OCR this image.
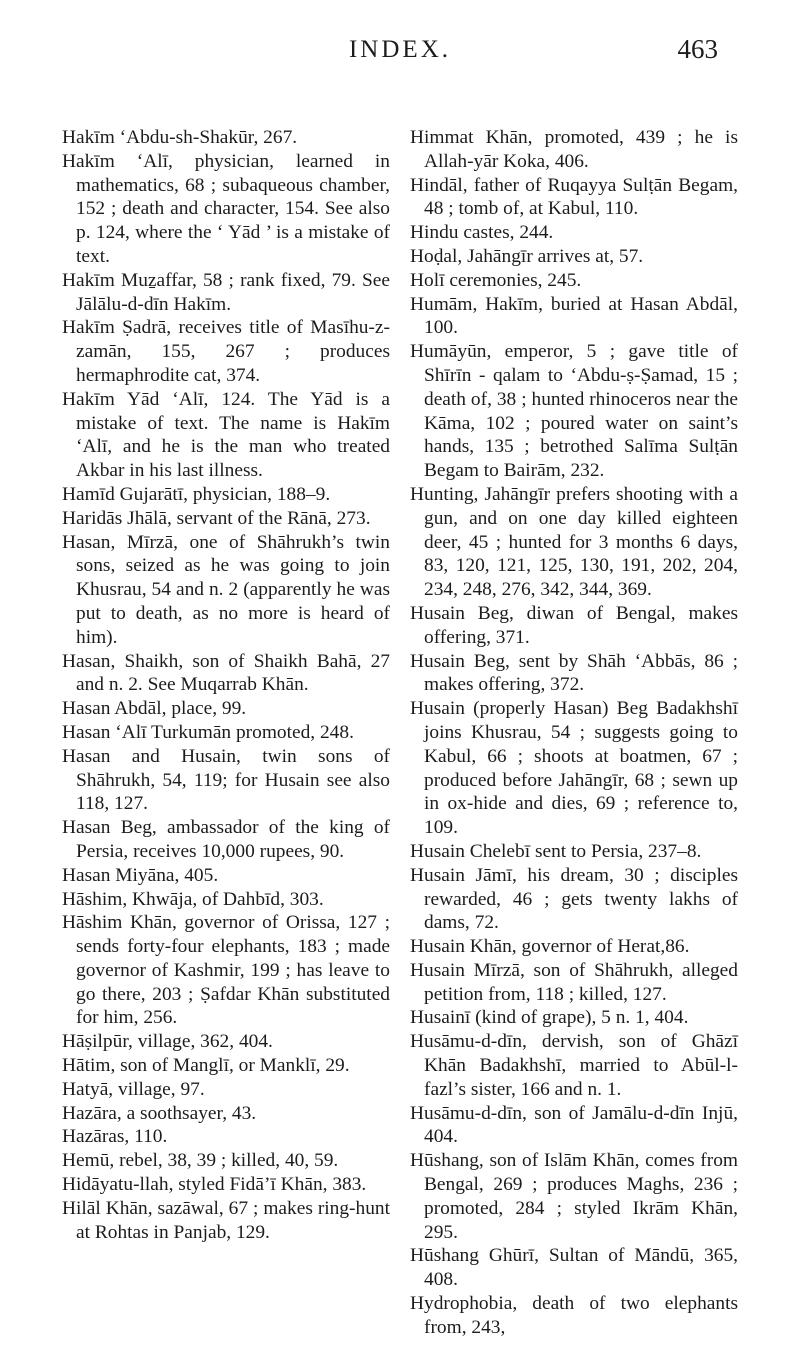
INDEX.	463

Hakīm ‘Abdu-sh-Shakūr, 267.

Hakīm ‘Alī, physician, learned in mathematics, 68 ; subaqueous chamber, 152 ; death and character, 154. See also p. 124, where the ‘ Yād ’ is a mistake of text.

Hakīm Muẕaffar, 58 ; rank fixed, 79. See Jālālu-d-dīn Hakīm.

Hakīm Ṣadrā, receives title of Masīhu-z-zamān, 155, 267 ; produces hermaphrodite cat, 374.

Hakīm Yād ‘Alī, 124. The Yād is a mistake of text. The name is Hakīm ‘Alī, and he is the man who treated Akbar in his last illness.

Hamīd Gujarātī, physician, 188–9.

Haridās Jhālā, servant of the Rānā, 273.

Hasan, Mīrzā, one of Shāhrukh’s twin sons, seized as he was going to join Khusrau, 54 and n. 2 (apparently he was put to death, as no more is heard of him).

Hasan, Shaikh, son of Shaikh Bahā, 27 and n. 2. See Muqarrab Khān.

Hasan Abdāl, place, 99.

Hasan ‘Alī Turkumān promoted, 248.

Hasan and Husain, twin sons of Shāhrukh, 54, 119; for Husain see also 118, 127.

Hasan Beg, ambassador of the king of Persia, receives 10,000 rupees, 90.

Hasan Miyāna, 405.

Hāshim, Khwāja, of Dahbīd, 303.

Hāshim Khān, governor of Orissa, 127 ; sends forty-four elephants, 183 ; made governor of Kashmir, 199 ; has leave to go there, 203 ; Ṣafdar Khān substituted for him, 256.

Hāṣilpūr, village, 362, 404.

Hātim, son of Manglī, or Manklī, 29.

Hatyā, village, 97.

Hazāra, a soothsayer, 43.

Hazāras, 110.

Hemū, rebel, 38, 39 ; killed, 40, 59.

Hidāyatu-llah, styled Fidā’ī Khān, 383.

Hilāl Khān, sazāwal, 67 ; makes ring-hunt at Rohtas in Panjab, 129.

Himmat Khān, promoted, 439 ; he is Allah-yār Koka, 406.

Hindāl, father of Ruqayya Sulṭān Begam, 48 ; tomb of, at Kabul, 110.

Hindu castes, 244.

Hoḍal, Jahāngīr arrives at, 57.

Holī ceremonies, 245.

Humām, Hakīm, buried at Hasan Abdāl, 100.

Humāyūn, emperor, 5 ; gave title of Shīrīn - qalam to ‘Abdu-ṣ-Ṣamad, 15 ; death of, 38 ; hunted rhinoceros near the Kāma, 102 ; poured water on saint’s hands, 135 ; betrothed Salīma Sulṭān Begam to Bairām, 232.

Hunting, Jahāngīr prefers shooting with a gun, and on one day killed eighteen deer, 45 ; hunted for 3 months 6 days, 83, 120, 121, 125, 130, 191, 202, 204, 234, 248, 276, 342, 344, 369.

Husain Beg, diwan of Bengal, makes offering, 371.

Husain Beg, sent by Shāh ‘Abbās, 86 ; makes offering, 372.

Husain (properly Hasan) Beg Badakhshī joins Khusrau, 54 ; suggests going to Kabul, 66 ; shoots at boatmen, 67 ; produced before Jahāngīr, 68 ; sewn up in ox-hide and dies, 69 ; reference to, 109.

Husain Chelebī sent to Persia, 237–8.

Husain Jāmī, his dream, 30 ; disciples rewarded, 46 ; gets twenty lakhs of dams, 72.

Husain Khān, governor of Herat,86.

Husain Mīrzā, son of Shāhrukh, alleged petition from, 118 ; killed, 127.

Husainī (kind of grape), 5 n. 1, 404.

Husāmu-d-dīn, dervish, son of Ghāzī Khān Badakhshī, married to Abūl-l-fazl’s sister, 166 and n. 1.

Husāmu-d-dīn, son of Jamālu-d-dīn Injū, 404.

Hūshang, son of Islām Khān, comes from Bengal, 269 ; produces Maghs, 236 ; promoted, 284 ; styled Ikrām Khān, 295.

Hūshang Ghūrī, Sultan of Māndū, 365, 408.

Hydrophobia, death of two elephants from, 243,
